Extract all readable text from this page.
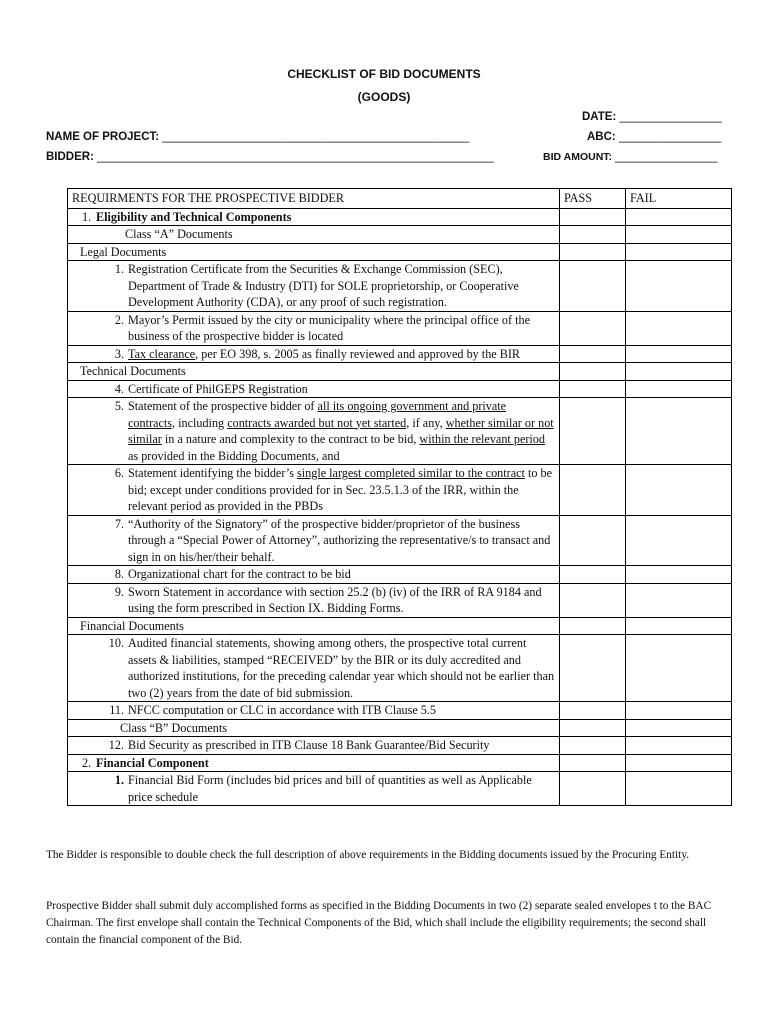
CHECKLIST OF BID DOCUMENTS
(GOODS)
DATE: ________________
NAME OF PROJECT: ________________________________________________	ABC: ________________
BIDDER: ______________________________________________________________	BID AMOUNT: ________________
REQUIRMENTS FOR THE PROSPECTIVE BIDDER	PASS	FAIL
1. Eligibility and Technical Components		
Class “A” Documents		
Legal Documents		

1. Registration Certificate from the Securities & Exchange Commission (SEC), Department of Trade & Industry (DTI) for SOLE proprietorship, or Cooperative Development Authority (CDA), or any proof of such registration.		

2. Mayor’s Permit issued by the city or municipality where the principal office of the business of the prospective bidder is located		

3. Tax clearance, per EO 398, s. 2005 as finally reviewed and approved by the BIR		

Technical Documents		

4. Certificate of PhilGEPS Registration		

5. Statement of the prospective bidder of all its ongoing government and private contracts, including contracts awarded but not yet started, if any, whether similar or not similar in a nature and complexity to the contract to be bid, within the relevant period as provided in the Bidding Documents, and		

6. Statement identifying the bidder’s single largest completed similar to the contract to be bid; except under conditions provided for in Sec. 23.5.1.3 of the IRR, within the relevant period as provided in the PBDs		

7. “Authority of the Signatory” of the prospective bidder/proprietor of the business through a “Special Power of Attorney”, authorizing the representative/s to transact and sign in on his/her/their behalf.		

8. Organizational chart for the contract to be bid		

9. Sworn Statement in accordance with section 25.2 (b) (iv) of the IRR of RA 9184 and using the form prescribed in Section IX. Bidding Forms.		

Financial Documents		

10. Audited financial statements, showing among others, the prospective total current assets & liabilities, stamped “RECEIVED” by the BIR or its duly accredited and authorized institutions, for the preceding calendar year which should not be earlier than two (2) years from the date of bid submission.		

11. NFCC computation or CLC in accordance with ITB Clause 5.5		

Class “B” Documents		

12. Bid Security as prescribed in ITB Clause 18 Bank Guarantee/Bid Security		

2. Financial Component		

1. Financial Bid Form (includes bid prices and bill of quantities as well as Applicable price schedule		

The Bidder is responsible to double check the full description of above requirements in the Bidding documents issued by the Procuring Entity.
Prospective Bidder shall submit duly accomplished forms as specified in the Bidding Documents in two (2) separate sealed envelopes t to the BAC Chairman. The first envelope shall contain the Technical Components of the Bid, which shall include the eligibility requirements; the second shall contain the financial component of the Bid.
